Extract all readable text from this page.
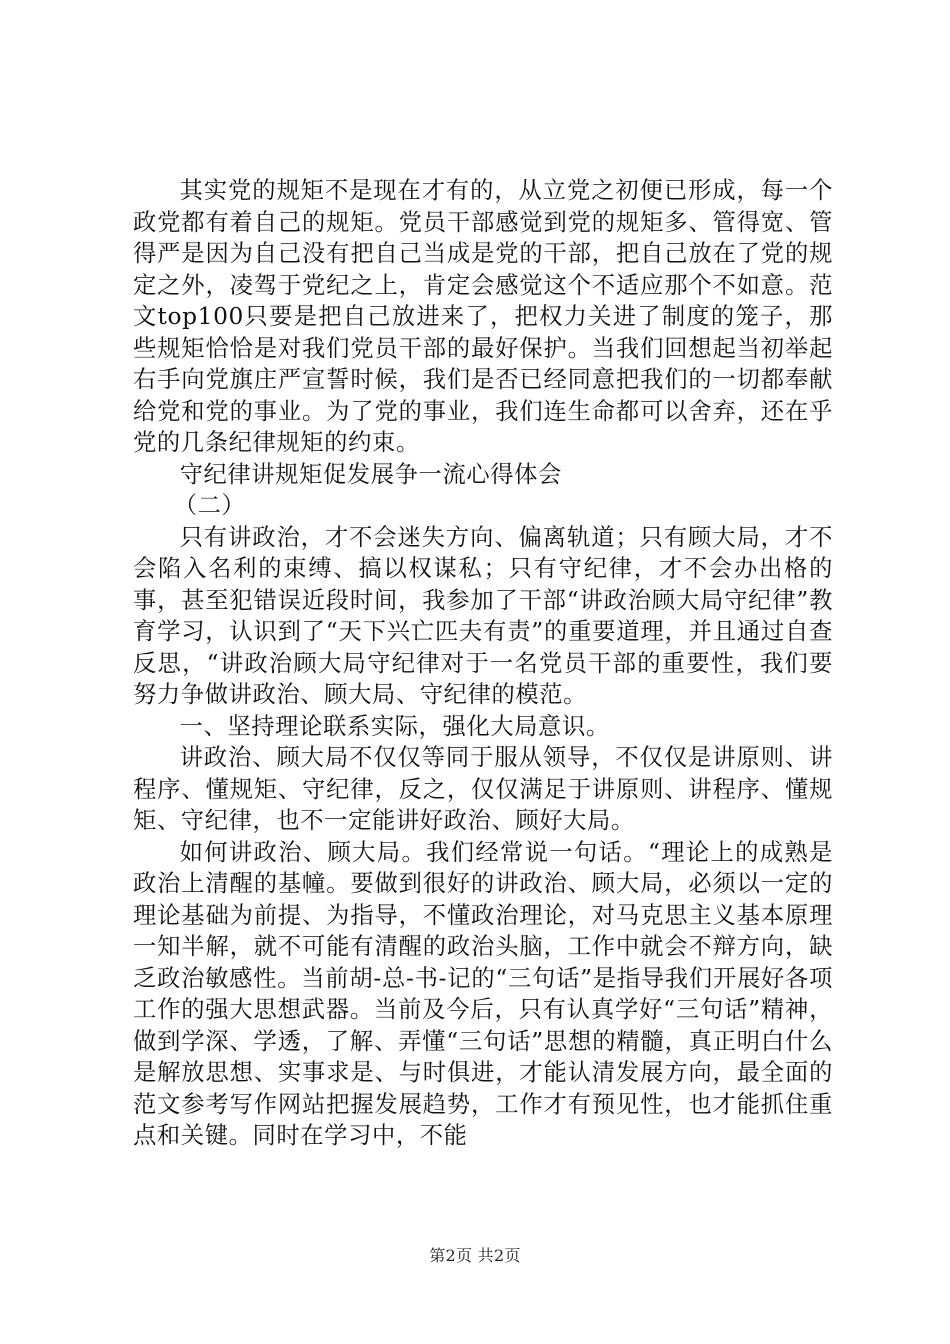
其实党的规矩不是现在才有的，从立党之初便已形成，每一个政党都有着自己的规矩。党员干部感觉到党的规矩多、管得宽、管得严是因为自己没有把自己当成是党的干部，把自己放在了党的规定之外，凌驾于党纪之上，肯定会感觉这个不适应那个不如意。范文top100只要是把自己放进来了，把权力关进了制度的笼子，那些规矩恰恰是对我们党员干部的最好保护。当我们回想起当初举起右手向党旗庄严宣誓时候，我们是否已经同意把我们的一切都奉献给党和党的事业。为了党的事业，我们连生命都可以舍弃，还在乎党的几条纪律规矩的约束。

守纪律讲规矩促发展争一流心得体会

（二）

只有讲政治，才不会迷失方向、偏离轨道；只有顾大局，才不会陷入名利的束缚、搞以权谋私；只有守纪律，才不会办出格的事，甚至犯错误近段时间，我参加了干部“讲政治顾大局守纪律”教育学习，认识到了“天下兴亡匹夫有责”的重要道理，并且通过自查反思，“讲政治顾大局守纪律对于一名党员干部的重要性，我们要努力争做讲政治、顾大局、守纪律的模范。

一、坚持理论联系实际，强化大局意识。

讲政治、顾大局不仅仅等同于服从领导，不仅仅是讲原则、讲程序、懂规矩、守纪律，反之，仅仅满足于讲原则、讲程序、懂规矩、守纪律，也不一定能讲好政治、顾好大局。

如何讲政治、顾大局。我们经常说一句话。“理论上的成熟是政治上清醒的基幢。要做到很好的讲政治、顾大局，必须以一定的理论基础为前提、为指导，不懂政治理论，对马克思主义基本原理一知半解，就不可能有清醒的政治头脑，工作中就会不辩方向，缺乏政治敏感性。当前胡-总-书-记的“三句话”是指导我们开展好各项工作的强大思想武器。当前及今后，只有认真学好“三句话”精神，做到学深、学透，了解、弄懂“三句话”思想的精髓，真正明白什么是解放思想、实事求是、与时俱进，才能认清发展方向，最全面的范文参考写作网站把握发展趋势，工作才有预见性，也才能抓住重点和关键。同时在学习中，不能

第2页 共2页
